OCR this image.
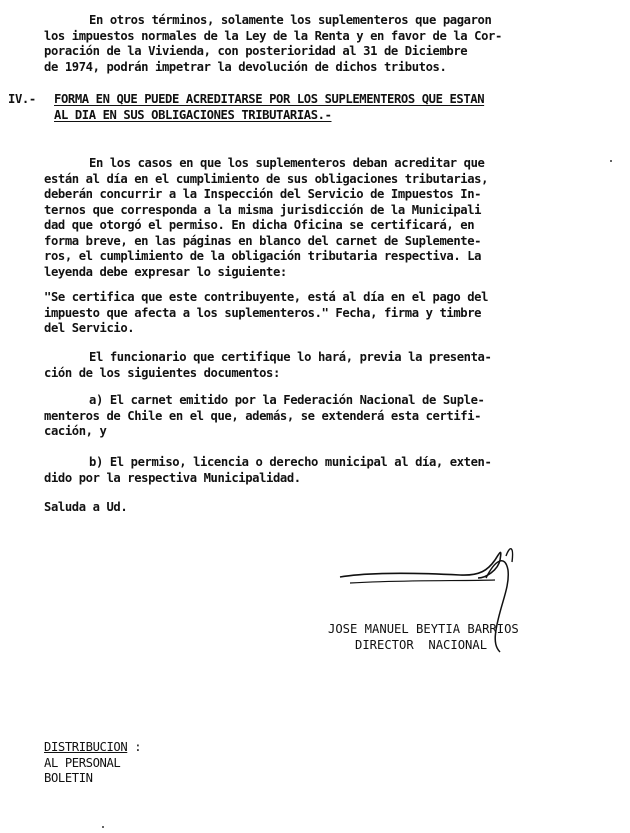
En otros términos, solamente los suplementeros que pagaron
los impuestos normales de la Ley de la Renta y en favor de la Cor-
poración de la Vivienda, con posterioridad al 31 de Diciembre
de 1974, podrán impetrar la devolución de dichos tributos.
IV.- FORMA EN QUE PUEDE ACREDITARSE POR LOS SUPLEMENTEROS QUE ESTAN
AL DIA EN SUS OBLIGACIONES TRIBUTARIAS.-
En los casos en que los suplementeros deban acreditar que
están al día en el cumplimiento de sus obligaciones tributarias,
deberán concurrir a la Inspección del Servicio de Impuestos In-
ternos que corresponda a la misma jurisdicción de la Municipali
dad que otorgó el permiso. En dicha Oficina se certificará, en
forma breve, en las páginas en blanco del carnet de Suplemente-
ros, el cumplimiento de la obligación tributaria respectiva. La
leyenda debe expresar lo siguiente:
"Se certifica que este contribuyente, está al día en el pago del
impuesto que afecta a los suplementeros." Fecha, firma y timbre
del Servicio.
El funcionario que certifique lo hará, previa la presenta-
ción de los siguientes documentos:
a) El carnet emitido por la Federación Nacional de Suple-
menteros de Chile en el que, además, se extenderá esta certifi-
cación, y
b) El permiso, licencia o derecho municipal al día, exten-
dido por la respectiva Municipalidad.
Saluda a Ud.
JOSE MANUEL BEYTIA BARRIOS
DIRECTOR  NACIONAL
DISTRIBUCION :
AL PERSONAL
BOLETIN
